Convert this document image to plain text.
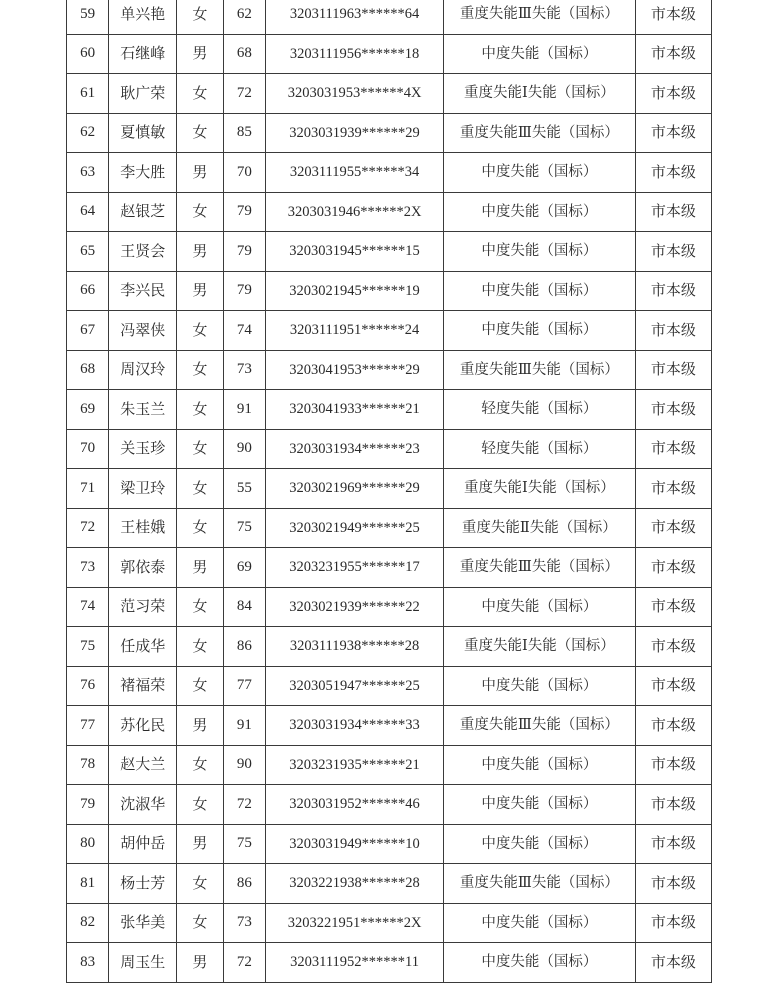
59	单兴艳	女	62	3203111963******64	重度失能Ⅲ失能（国标）	市本级
60	石继峰	男	68	3203111956******18	中度失能（国标）	市本级
61	耿广荣	女	72	3203031953******4X	重度失能Ⅰ失能（国标）	市本级
62	夏慎敏	女	85	3203031939******29	重度失能Ⅲ失能（国标）	市本级
63	李大胜	男	70	3203111955******34	中度失能（国标）	市本级
64	赵银芝	女	79	3203031946******2X	中度失能（国标）	市本级
65	王贤会	男	79	3203031945******15	中度失能（国标）	市本级
66	李兴民	男	79	3203021945******19	中度失能（国标）	市本级
67	冯翠侠	女	74	3203111951******24	中度失能（国标）	市本级
68	周汉玲	女	73	3203041953******29	重度失能Ⅲ失能（国标）	市本级
69	朱玉兰	女	91	3203041933******21	轻度失能（国标）	市本级
70	关玉珍	女	90	3203031934******23	轻度失能（国标）	市本级
71	梁卫玲	女	55	3203021969******29	重度失能Ⅰ失能（国标）	市本级
72	王桂娥	女	75	3203021949******25	重度失能Ⅱ失能（国标）	市本级
73	郭依泰	男	69	3203231955******17	重度失能Ⅲ失能（国标）	市本级
74	范习荣	女	84	3203021939******22	中度失能（国标）	市本级
75	任成华	女	86	3203111938******28	重度失能Ⅰ失能（国标）	市本级
76	褚福荣	女	77	3203051947******25	中度失能（国标）	市本级
77	苏化民	男	91	3203031934******33	重度失能Ⅲ失能（国标）	市本级
78	赵大兰	女	90	3203231935******21	中度失能（国标）	市本级
79	沈淑华	女	72	3203031952******46	中度失能（国标）	市本级
80	胡仲岳	男	75	3203031949******10	中度失能（国标）	市本级
81	杨士芳	女	86	3203221938******28	重度失能Ⅲ失能（国标）	市本级
82	张华美	女	73	3203221951******2X	中度失能（国标）	市本级
83	周玉生	男	72	3203111952******11	中度失能（国标）	市本级
